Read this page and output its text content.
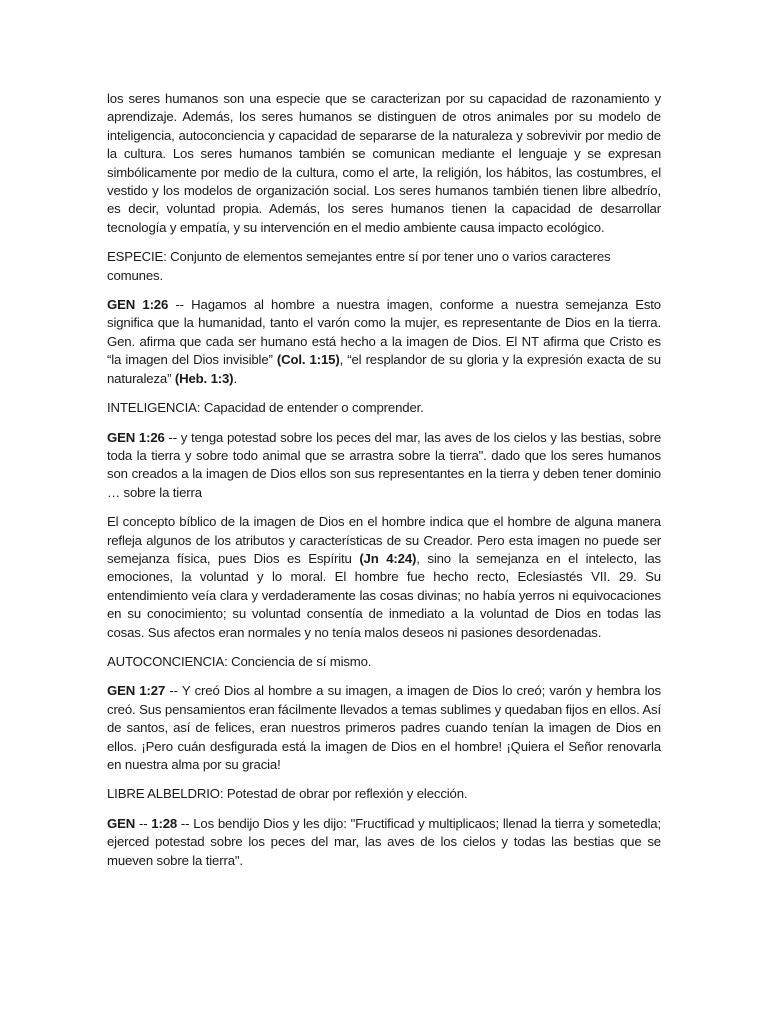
los seres humanos son una especie que se caracterizan por su capacidad de razonamiento y aprendizaje. Además, los seres humanos se distinguen de otros animales por su modelo de inteligencia, autoconciencia y capacidad de separarse de la naturaleza y sobrevivir por medio de la cultura. Los seres humanos también se comunican mediante el lenguaje y se expresan simbólicamente por medio de la cultura, como el arte, la religión, los hábitos, las costumbres, el vestido y los modelos de organización social. Los seres humanos también tienen libre albedrío, es decir, voluntad propia. Además, los seres humanos tienen la capacidad de desarrollar tecnología y empatía, y su intervención en el medio ambiente causa impacto ecológico.

ESPECIE: Conjunto de elementos semejantes entre sí por tener uno o varios caracteres comunes.

GEN 1:26 -- Hagamos al hombre a nuestra imagen, conforme a nuestra semejanza Esto significa que la humanidad, tanto el varón como la mujer, es representante de Dios en la tierra. Gen. afirma que cada ser humano está hecho a la imagen de Dios. El NT afirma que Cristo es “la imagen del Dios invisible” (Col. 1:15), “el resplandor de su gloria y la expresión exacta de su naturaleza” (Heb. 1:3).

INTELIGENCIA: Capacidad de entender o comprender.

GEN 1:26 -- y tenga potestad sobre los peces del mar, las aves de los cielos y las bestias, sobre toda la tierra y sobre todo animal que se arrastra sobre la tierra". dado que los seres humanos son creados a la imagen de Dios ellos son sus representantes en la tierra y deben tener dominio … sobre la tierra

El concepto bíblico de la imagen de Dios en el hombre indica que el hombre de alguna manera refleja algunos de los atributos y características de su Creador. Pero esta imagen no puede ser semejanza física, pues Dios es Espíritu (Jn 4:24), sino la semejanza en el intelecto, las emociones, la voluntad y lo moral. El hombre fue hecho recto, Eclesiastés VII. 29. Su entendimiento veía clara y verdaderamente las cosas divinas; no había yerros ni equivocaciones en su conocimiento; su voluntad consentía de inmediato a la voluntad de Dios en todas las cosas. Sus afectos eran normales y no tenía malos deseos ni pasiones desordenadas.

AUTOCONCIENCIA: Conciencia de sí mismo.

GEN 1:27 -- Y creó Dios al hombre a su imagen, a imagen de Dios lo creó; varón y hembra los creó. Sus pensamientos eran fácilmente llevados a temas sublimes y quedaban fijos en ellos. Así de santos, así de felices, eran nuestros primeros padres cuando tenían la imagen de Dios en ellos. ¡Pero cuán desfigurada está la imagen de Dios en el hombre! ¡Quiera el Señor renovarla en nuestra alma por su gracia!

LIBRE ALBELDRIO: Potestad de obrar por reflexión y elección.

GEN -- 1:28 -- Los bendijo Dios y les dijo: "Fructificad y multiplicaos; llenad la tierra y sometedla; ejerced potestad sobre los peces del mar, las aves de los cielos y todas las bestias que se mueven sobre la tierra".
